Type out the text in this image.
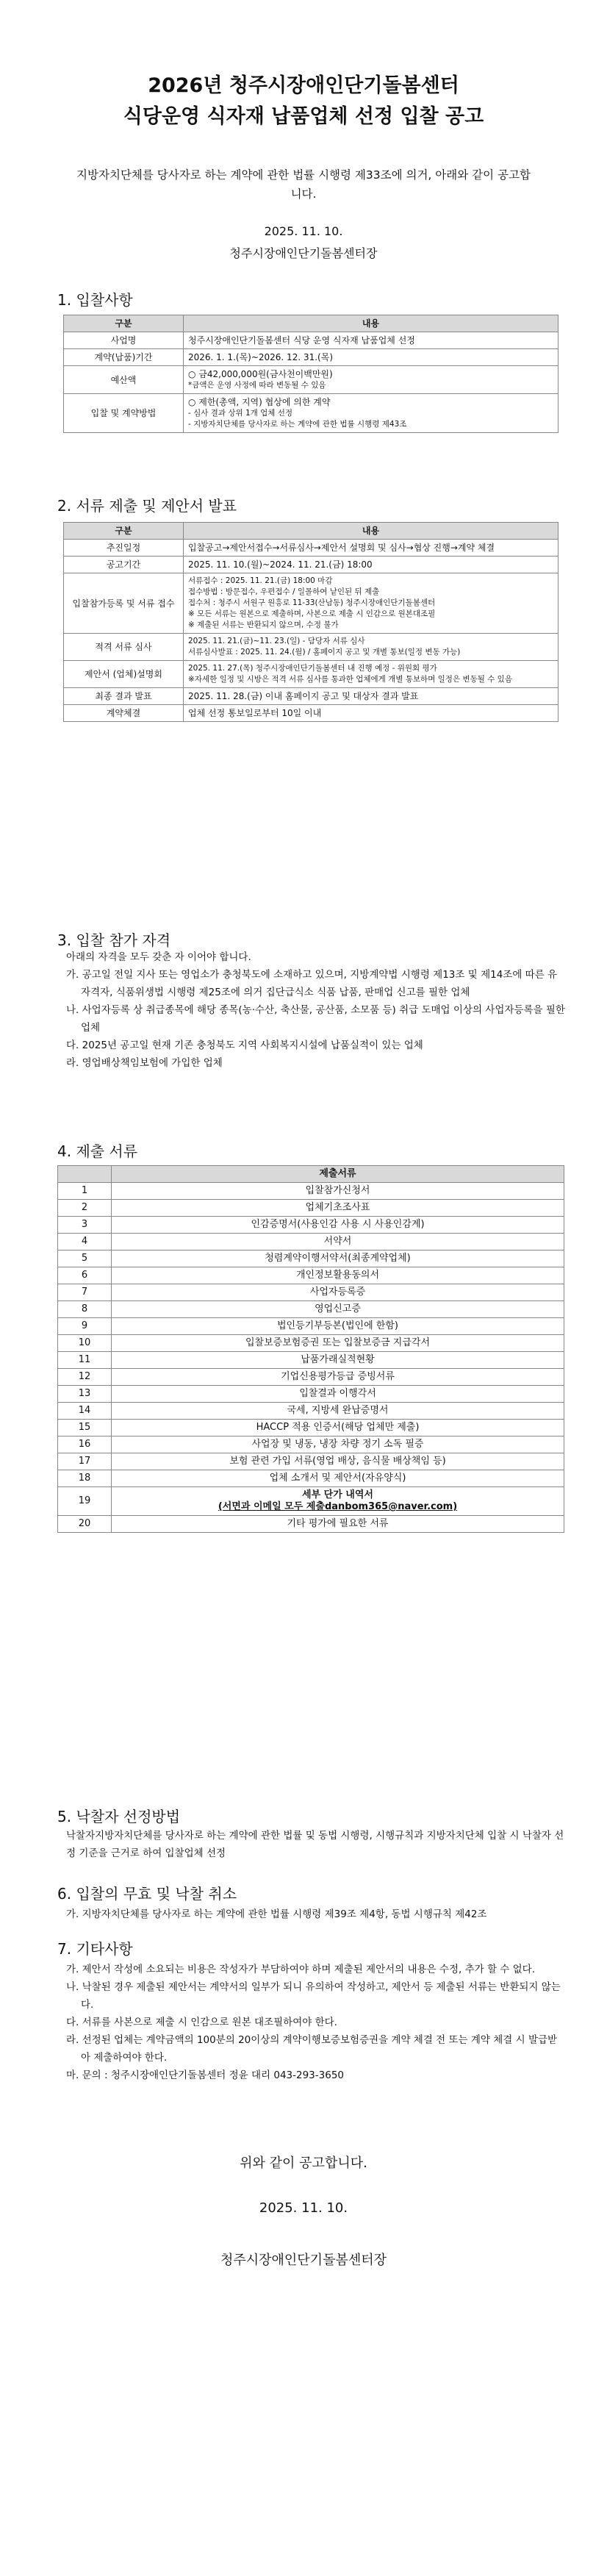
2026년 청주시장애인단기돌봄센터
식당운영 식자재 납품업체 선정 입찰 공고
지방자치단체를 당사자로 하는 계약에 관한 법률 시행령 제33조에 의거, 아래와 같이 공고합니다.
2025. 11. 10.
청주시장애인단기돌봄센터장
1. 입찰사항
구분	내용
사업명	청주시장애인단기돌봄센터 식당 운영 식자재 납품업체 선정

계약(납품)기간	2026. 1. 1.(목)~2026. 12. 31.(목)

예산액	○ 금42,000,000원(금사천이백만원)
*금액은 운영 사정에 따라 변동될 수 있음

입찰 및 계약방법	○ 제한(총액, 지역) 협상에 의한 계약
- 심사 결과 상위 1개 업체 선정
- 지방자치단체를 당사자로 하는 계약에 관한 법률 시행령 제43조
2. 서류 제출 및 제안서 발표
구분	내용
추진일정	입찰공고→제안서접수→서류심사→제안서 설명회 및 심사→협상 진행→계약 체결

공고기간	2025. 11. 10.(월)~2024. 11. 21.(금) 18:00

입찰참가등록 및 서류 접수	서류접수 : 2025. 11. 21.(금) 18:00 마감
접수방법 : 방문접수, 우편접수 / 일몰하여 낱인된 뒤 제출
접수처 : 청주시 서원구 원흥로 11-33(산남동) 청주시장애인단기돌봄센터
※ 모든 서류는 원본으로 제출하며, 사본으로 제출 시 인감으로 원본대조필
※ 제출된 서류는 반환되지 않으며, 수정 불가

적격 서류 심사	2025. 11. 21.(금)~11. 23.(일) - 담당자 서류 심사
서류심사발표 : 2025. 11. 24.(월) / 홈페이지 공고 및 개별 통보(일정 변동 가능)

제안서 (업체)설명회	2025. 11. 27.(목) 청주시장애인단기돌봄센터 내 진행 예정 - 위원회 평가
※자세한 일정 및 시방은 적격 서류 심사를 통과한 업체에게 개별 통보하며 일정은 변동될 수 있음

최종 결과 발표	2025. 11. 28.(금) 이내 홈페이지 공고 및 대상자 결과 발표

계약체결	업체 선정 통보일로부터 10일 이내
3. 입찰 참가 자격
아래의 자격을 모두 갖춘 자 이어야 합니다.
가. 공고일 전일 지사 또는 영업소가 충청북도에 소재하고 있으며, 지방계약법 시행령 제13조 및 제14조에 따른 유자격자, 식품위생법 시행령 제25조에 의거 집단급식소 식품 납품, 판매업 신고를 필한 업체
나. 사업자등록 상 취급종목에 해당 종목(농·수산, 축산물, 공산품, 소모품 등) 취급 도매업 이상의 사업자등록을 필한 업체
다. 2025년 공고일 현재 기존 충청북도 지역 사회복지시설에 납품실적이 있는 업체
라. 영업배상책임보험에 가입한 업체
4. 제출 서류
	제출서류
1	입찰참가신청서
2	업체기초조사표
3	인감증명서(사용인감 사용 시 사용인감계)
4	서약서
5	청렴계약이행서약서(최종계약업체)
6	개인정보활용동의서
7	사업자등록증
8	영업신고증
9	법인등기부등본(법인에 한함)
10	입찰보증보험증권 또는 입찰보증금 지급각서
11	납품가래실적현황
12	기업신용평가등급 증빙서류
13	입찰결과 이행각서
14	국세, 지방세 완납증명서
15	HACCP 적용 인증서(해당 업체만 제출)
16	사업장 및 냉동, 냉장 차량 정기 소독 필증
17	보험 관련 가입 서류(영업 배상, 음식물 배상책임 등)
18	업체 소개서 및 제안서(자유양식)
19	세부 단가 내역서
(서면과 이메일 모두 제출danbom365@naver.com)

20	기타 평가에 필요한 서류
5. 낙찰자 선정방법
낙찰자지방자치단체를 당사자로 하는 계약에 관한 법률 및 동법 시행령, 시행규칙과 지방자치단체 입찰 시 낙찰자 선정 기준을 근거로 하여 입찰업체 선정
6. 입찰의 무효 및 낙찰 취소
가. 지방자치단체를 당사자로 하는 계약에 관한 법률 시행령 제39조 제4항, 동법 시행규칙 제42조
7. 기타사항
가. 제안서 작성에 소요되는 비용은 작성자가 부담하여야 하며 제출된 제안서의 내용은 수정, 추가 할 수 없다.
나. 낙찰된 경우 제출된 제안서는 계약서의 일부가 되니 유의하여 작성하고, 제안서 등 제출된 서류는 반환되지 않는다.
다. 서류를 사본으로 제출 시 인감으로 원본 대조필하여야 한다.
라. 선정된 업체는 계약금액의 100분의 20이상의 계약이행보증보험증권을 계약 체결 전 또는 계약 체결 시 발급받아 제출하여야 한다.
마. 문의 : 청주시장애인단기돌봄센터 정윤 대리 043-293-3650
위와 같이 공고합니다.
2025. 11. 10.
청주시장애인단기돌봄센터장
